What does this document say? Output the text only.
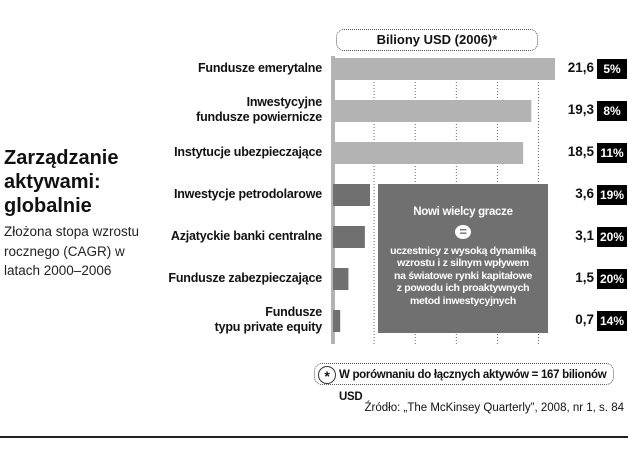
Zarządzanie aktywami: globalnie
Złożona stopa wzrostu rocznego (CAGR) w latach 2000–2006
Biliony USD (2006)*
Fundusze emerytalne
Inwestycyjne
fundusze powiernicze
Instytucje ubezpieczające
Inwestycje petrodolarowe
Azjatyckie banki centralne
Fundusze zabezpieczające
Fundusze
typu private equity
Nowi wielcy gracze
=
uczestnicy z wysoką dynamiką
wzrostu i z silnym wpływem
na światowe rynki kapitałowe
z powodu ich proaktywnych
metod inwestycyjnych
* W porównaniu do łącznych aktywów = 167 bilionów USD
Źródło: „The McKinsey Quarterly”, 2008, nr 1, s. 84
21,6 5%
19,3 8%
18,5 11%
3,6 19%
3,1 20%
1,5 20%
0,7 14%
